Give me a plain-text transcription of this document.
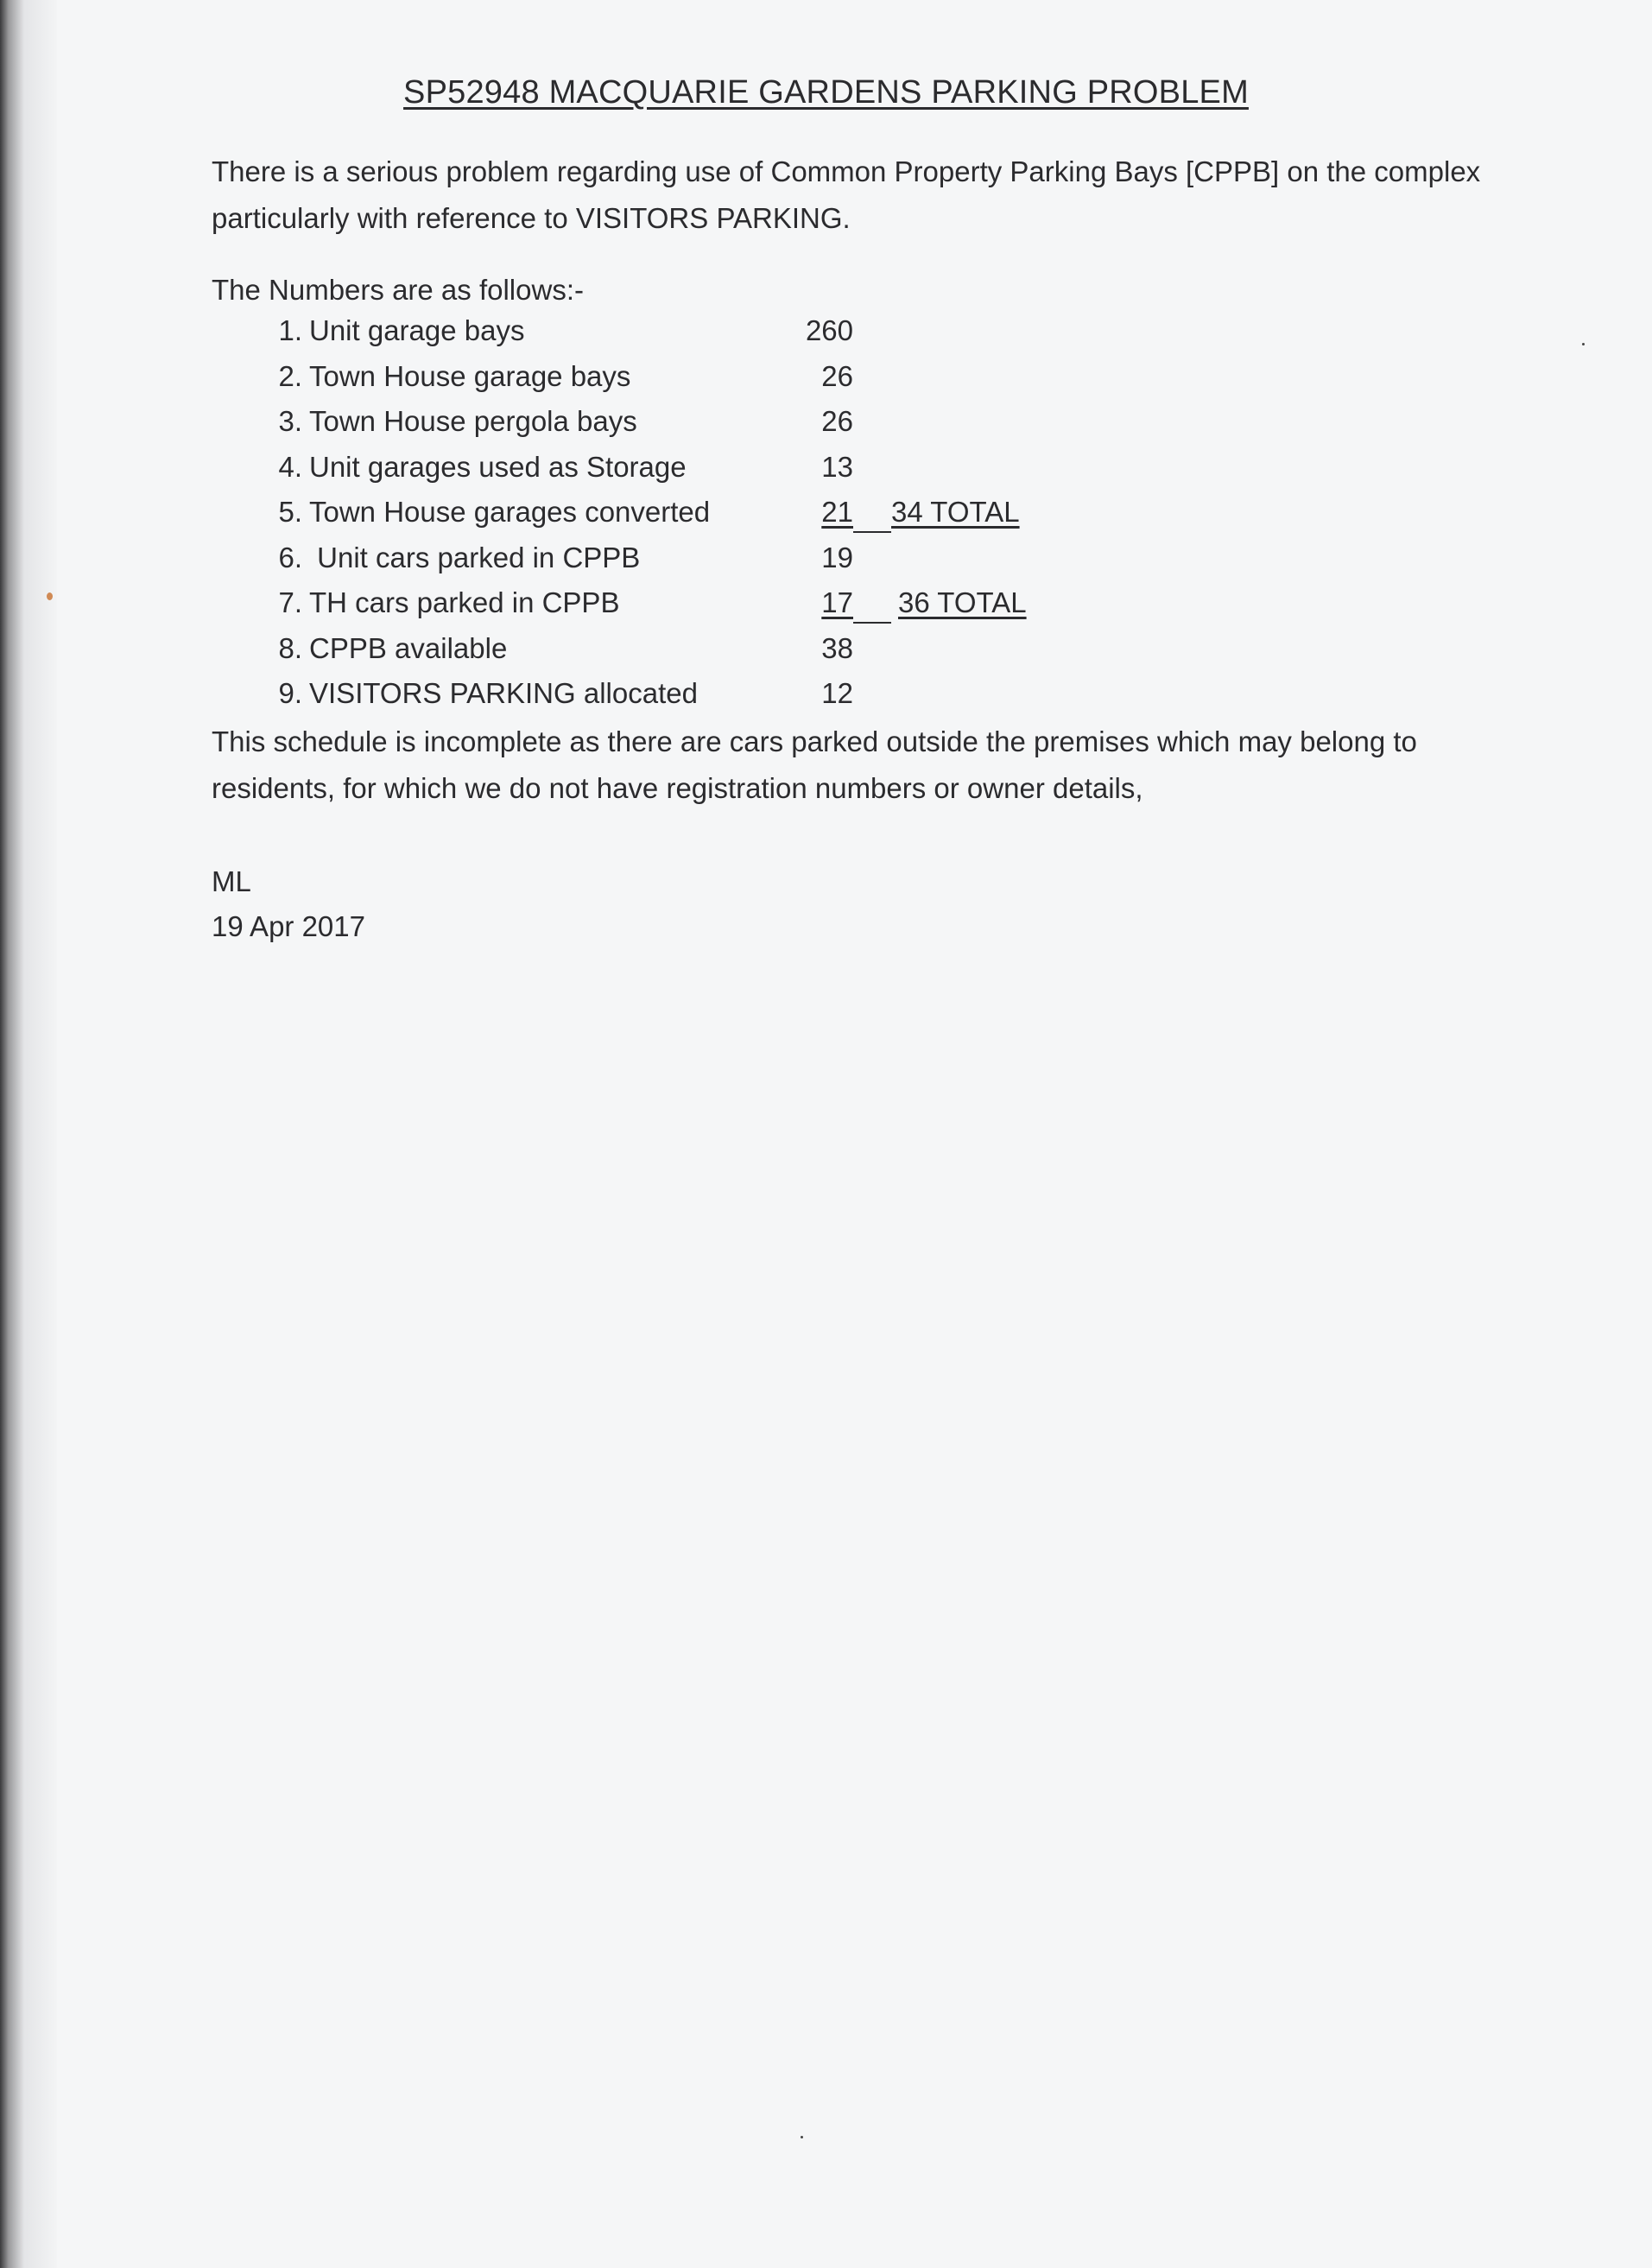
SP52948 MACQUARIE GARDENS PARKING PROBLEM

There is a serious problem regarding use of Common Property Parking Bays [CPPB] on the complex particularly with reference to VISITORS PARKING.

The Numbers are as follows:-

1. Unit garage bays	260
2. Town House garage bays	26
3. Town House pergola bays	26
4. Unit garages used as Storage	13
5. Town House garages converted	21 34 TOTAL
6. Unit cars parked in CPPB	19
7. TH cars parked in CPPB	17 36 TOTAL
8. CPPB available	38
9. VISITORS PARKING allocated	12

This schedule is incomplete as there are cars parked outside the premises which may belong to residents, for which we do not have registration numbers or owner details,

ML

19 Apr 2017
